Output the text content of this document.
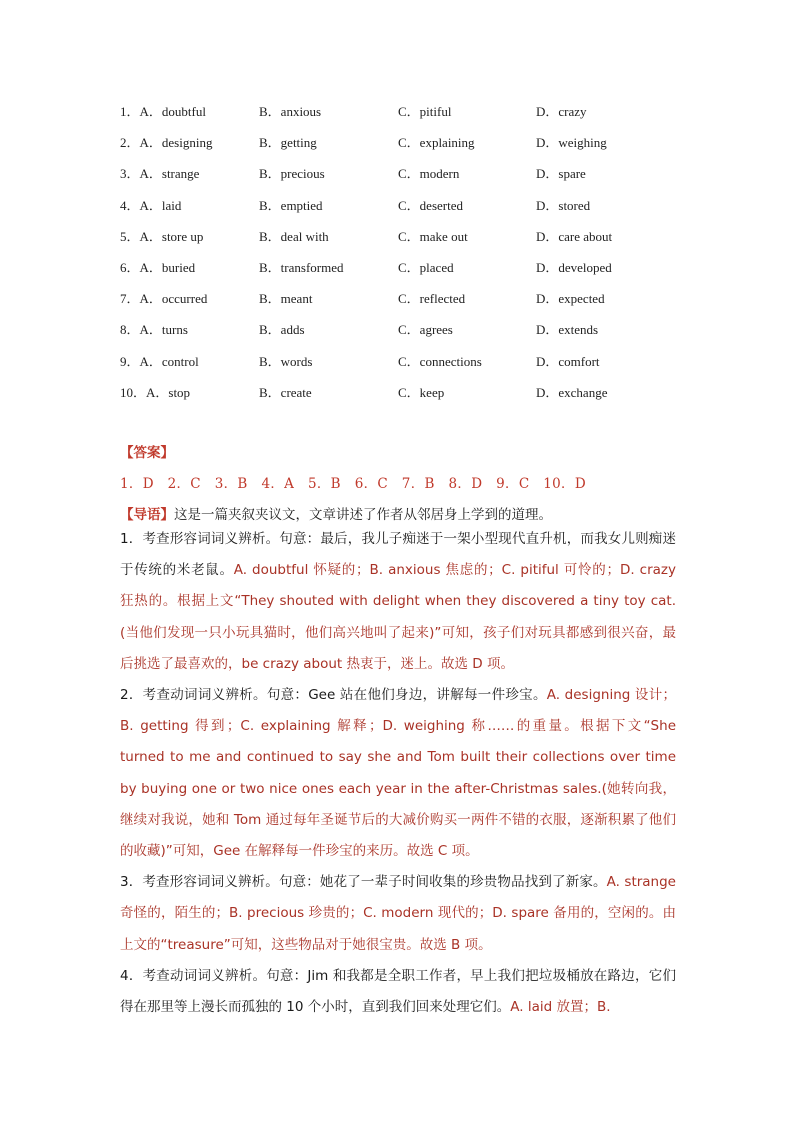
1．A．doubtful	B．anxious	C．pitiful	D．crazy
2．A．designing	B．getting	C．explaining	D．weighing
3．A．strange	B．precious	C．modern	D．spare
4．A．laid	B．emptied	C．deserted	D．stored
5．A．store up	B．deal with	C．make out	D．care about
6．A．buried	B．transformed	C．placed	D．developed
7．A．occurred	B．meant	C．reflected	D．expected
8．A．turns	B．adds	C．agrees	D．extends
9．A．control	B．words	C．connections	D．comfort
10．A．stop	B．create	C．keep	D．exchange
【答案】
1．D　2．C　3．B　4．A　5．B　6．C　7．B　8．D　9．C　10．D
【导语】这是一篇夹叙夹议文，文章讲述了作者从邻居身上学到的道理。

1．考查形容词词义辨析。句意：最后，我儿子痴迷于一架小型现代直升机，而我女儿则痴迷于传统的米老鼠。A. doubtful 怀疑的；B. anxious 焦虑的；C. pitiful 可怜的；D. crazy 狂热的。根据上文“They shouted with delight when they discovered a tiny toy cat.(当他们发现一只小玩具猫时，他们高兴地叫了起来)”可知，孩子们对玩具都感到很兴奋，最后挑选了最喜欢的，be crazy about 热衷于，迷上。故选 D 项。

2．考查动词词义辨析。句意：Gee 站在他们身边，讲解每一件珍宝。A. designing 设计；B. getting 得到；C. explaining 解释；D. weighing 称……的重量。根据下文“She turned to me and continued to say she and Tom built their collections over time by buying one or two nice ones each year in the after-Christmas sales.(她转向我，继续对我说，她和 Tom 通过每年圣诞节后的大减价购买一两件不错的衣服，逐渐积累了他们的收藏)”可知，Gee 在解释每一件珍宝的来历。故选 C 项。

3．考查形容词词义辨析。句意：她花了一辈子时间收集的珍贵物品找到了新家。A. strange 奇怪的，陌生的；B. precious 珍贵的；C. modern 现代的；D. spare 备用的，空闲的。由上文的“treasure”可知，这些物品对于她很宝贵。故选 B 项。

4．考查动词词义辨析。句意：Jim 和我都是全职工作者，早上我们把垃圾桶放在路边，它们得在那里等上漫长而孤独的 10 个小时，直到我们回来处理它们。A. laid 放置；B.
